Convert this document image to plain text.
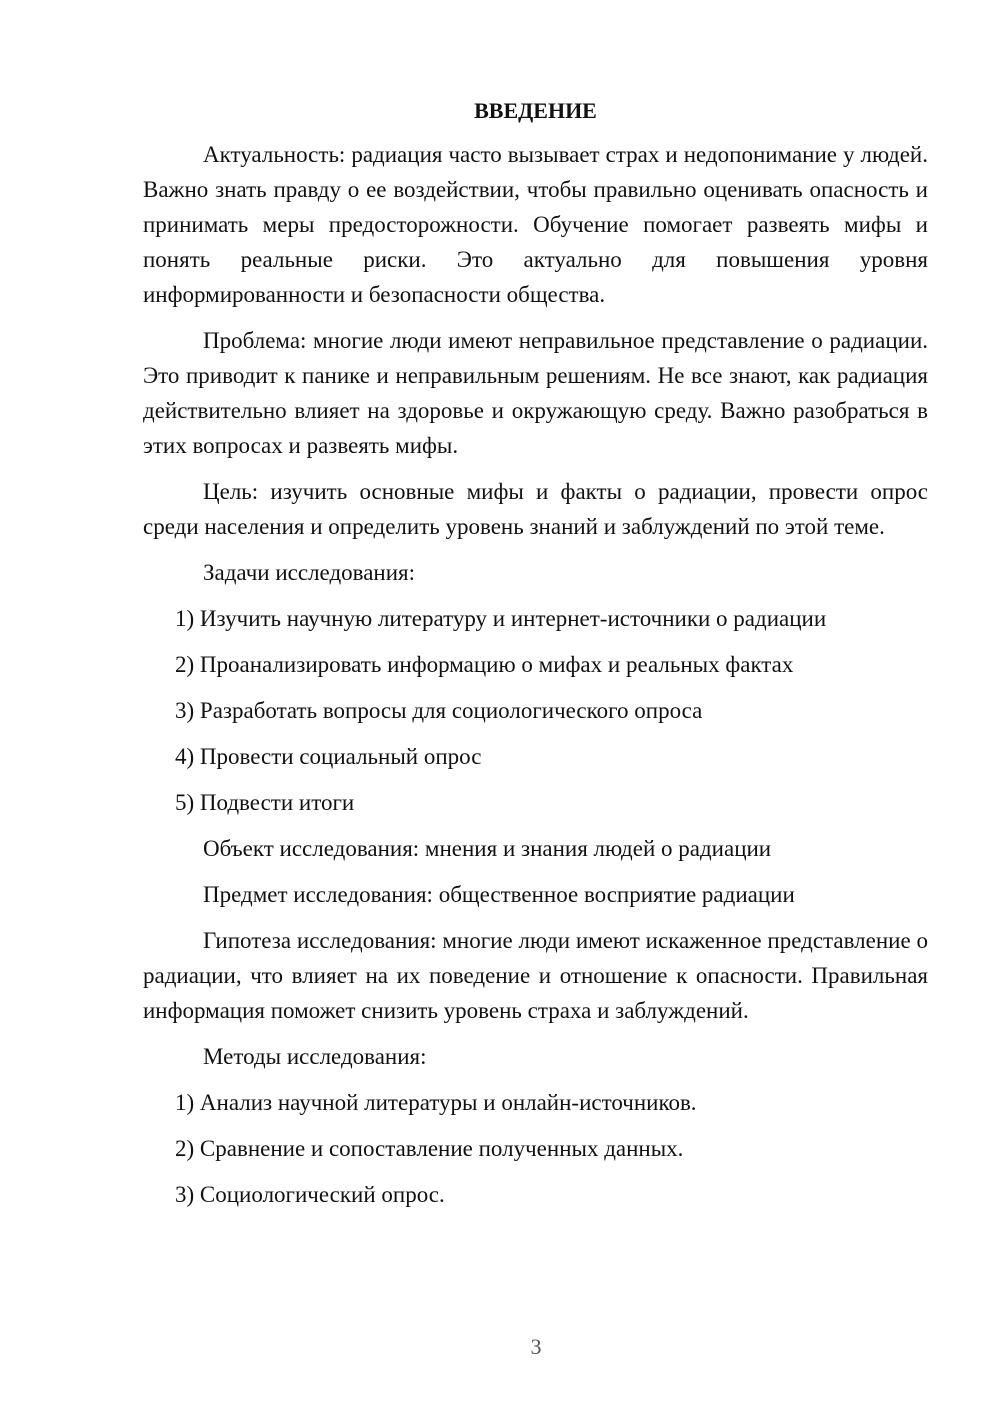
ВВЕДЕНИЕ

Актуальность: радиация часто вызывает страх и недопонимание у людей. Важно знать правду о ее воздействии, чтобы правильно оценивать опасность и принимать меры предосторожности. Обучение помогает развеять мифы и понять реальные риски. Это актуально для повышения уровня информированности и безопасности общества.

Проблема: многие люди имеют неправильное представление о радиации. Это приводит к панике и неправильным решениям. Не все знают, как радиация действительно влияет на здоровье и окружающую среду. Важно разобраться в этих вопросах и развеять мифы.

Цель: изучить основные мифы и факты о радиации, провести опрос среди населения и определить уровень знаний и заблуждений по этой теме.

Задачи исследования:
1) Изучить научную литературу и интернет-источники о радиации
2) Проанализировать информацию о мифах и реальных фактах
3) Разработать вопросы для социологического опроса
4) Провести социальный опрос
5) Подвести итоги
Объект исследования: мнения и знания людей о радиации
Предмет исследования: общественное восприятие радиации

Гипотеза исследования: многие люди имеют искаженное представление о радиации, что влияет на их поведение и отношение к опасности. Правильная информация поможет снизить уровень страха и заблуждений.

Методы исследования:
1) Анализ научной литературы и онлайн-источников.
2) Сравнение и сопоставление полученных данных.
3) Социологический опрос.
3
